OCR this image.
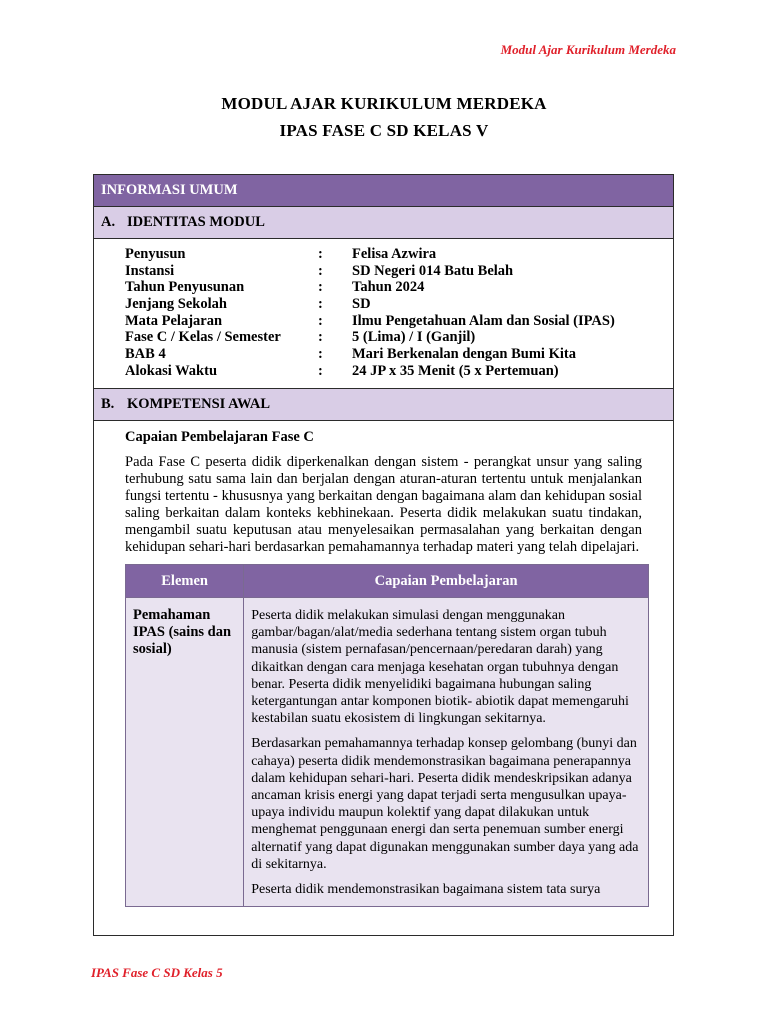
Modul Ajar Kurikulum Merdeka
MODUL AJAR KURIKULUM MERDEKA
IPAS FASE C SD KELAS V
INFORMASI UMUM
A. IDENTITAS MODUL
Penyusun	:	Felisa Azwira
Instansi	:	SD Negeri 014 Batu Belah
Tahun Penyusunan	:	Tahun 2024
Jenjang Sekolah	:	SD
Mata Pelajaran	:	Ilmu Pengetahuan Alam dan Sosial (IPAS)
Fase C / Kelas / Semester	:	5 (Lima) / I (Ganjil)
BAB 4	:	Mari Berkenalan dengan Bumi Kita
Alokasi Waktu	:	24 JP x 35 Menit (5 x Pertemuan)
B. KOMPETENSI AWAL

Capaian Pembelajaran Fase C

Pada Fase C peserta didik diperkenalkan dengan sistem - perangkat unsur yang saling terhubung satu sama lain dan berjalan dengan aturan-aturan tertentu untuk menjalankan fungsi tertentu - khususnya yang berkaitan dengan bagaimana alam dan kehidupan sosial saling berkaitan dalam konteks kebhinekaan. Peserta didik melakukan suatu tindakan, mengambil suatu keputusan atau menyelesaikan permasalahan yang berkaitan dengan kehidupan sehari-hari berdasarkan pemahamannya terhadap materi yang telah dipelajari.

Elemen	Capaian Pembelajaran
Pemahaman IPAS (sains dan sosial)	Peserta didik melakukan simulasi dengan menggunakan gambar/bagan/alat/media sederhana tentang sistem organ tubuh manusia (sistem pernafasan/pencernaan/peredaran darah) yang dikaitkan dengan cara menjaga kesehatan organ tubuhnya dengan benar. Peserta didik menyelidiki bagaimana hubungan saling ketergantungan antar komponen biotik- abiotik dapat memengaruhi kestabilan suatu ekosistem di lingkungan sekitarnya.

Berdasarkan pemahamannya terhadap konsep gelombang (bunyi dan cahaya) peserta didik mendemonstrasikan bagaimana penerapannya dalam kehidupan sehari-hari. Peserta didik mendeskripsikan adanya ancaman krisis energi yang dapat terjadi serta mengusulkan upaya- upaya individu maupun kolektif yang dapat dilakukan untuk menghemat penggunaan energi dan serta penemuan sumber energi alternatif yang dapat digunakan menggunakan sumber daya yang ada di sekitarnya.

Peserta didik mendemonstrasikan bagaimana sistem tata surya

IPAS Fase C SD Kelas 5
